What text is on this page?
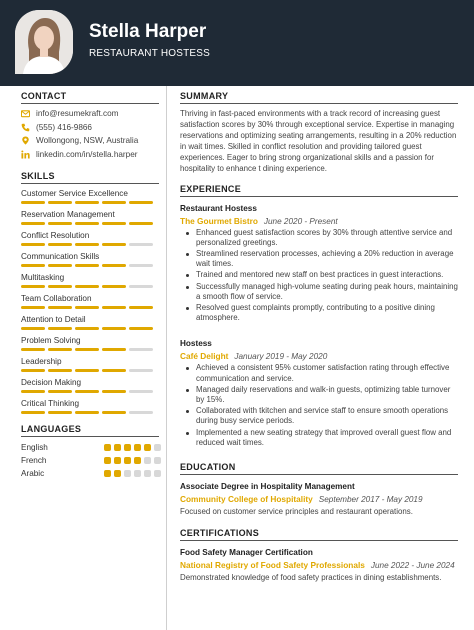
Stella Harper
RESTAURANT HOSTESS
CONTACT
info@resumekraft.com
(555) 416-9866
Wollongong, NSW, Australia
linkedin.com/in/stella.harper
SKILLS
Customer Service Excellence
Reservation Management
Conflict Resolution
Communication Skills
Multitasking
Team Collaboration
Attention to Detail
Problem Solving
Leadership
Decision Making
Critical Thinking
LANGUAGES
English
French
Arabic
SUMMARY
Thriving in fast-paced environments with a track record of increasing guest satisfaction scores by 30% through exceptional service. Expertise in managing reservations and optimizing seating arrangements, resulting in a 20% reduction in wait times. Skilled in conflict resolution and providing tailored guest experiences. Eager to bring strong organizational skills and a passion for hospitality to enhance t dining experience.
EXPERIENCE
Restaurant Hostess
The Gourmet Bistro June 2020 - Present
Enhanced guest satisfaction scores by 30% through attentive service and personalized greetings.
Streamlined reservation processes, achieving a 20% reduction in average wait times.
Trained and mentored new staff on best practices in guest interactions.
Successfully managed high-volume seating during peak hours, maintaining a smooth flow of service.
Resolved guest complaints promptly, contributing to a positive dining atmosphere.
Hostess
Café Delight January 2019 - May 2020
Achieved a consistent 95% customer satisfaction rating through effective communication and service.
Managed daily reservations and walk-in guests, optimizing table turnover by 15%.
Collaborated with tkitchen and service staff to ensure smooth operations during busy service periods.
Implemented a new seating strategy that improved overall guest flow and reduced wait times.
EDUCATION
Associate Degree in Hospitality Management
Community College of Hospitality September 2017 - May 2019
Focused on customer service principles and restaurant operations.
CERTIFICATIONS
Food Safety Manager Certification
National Registry of Food Safety Professionals June 2022 - June 2024
Demonstrated knowledge of food safety practices in dining establishments.
